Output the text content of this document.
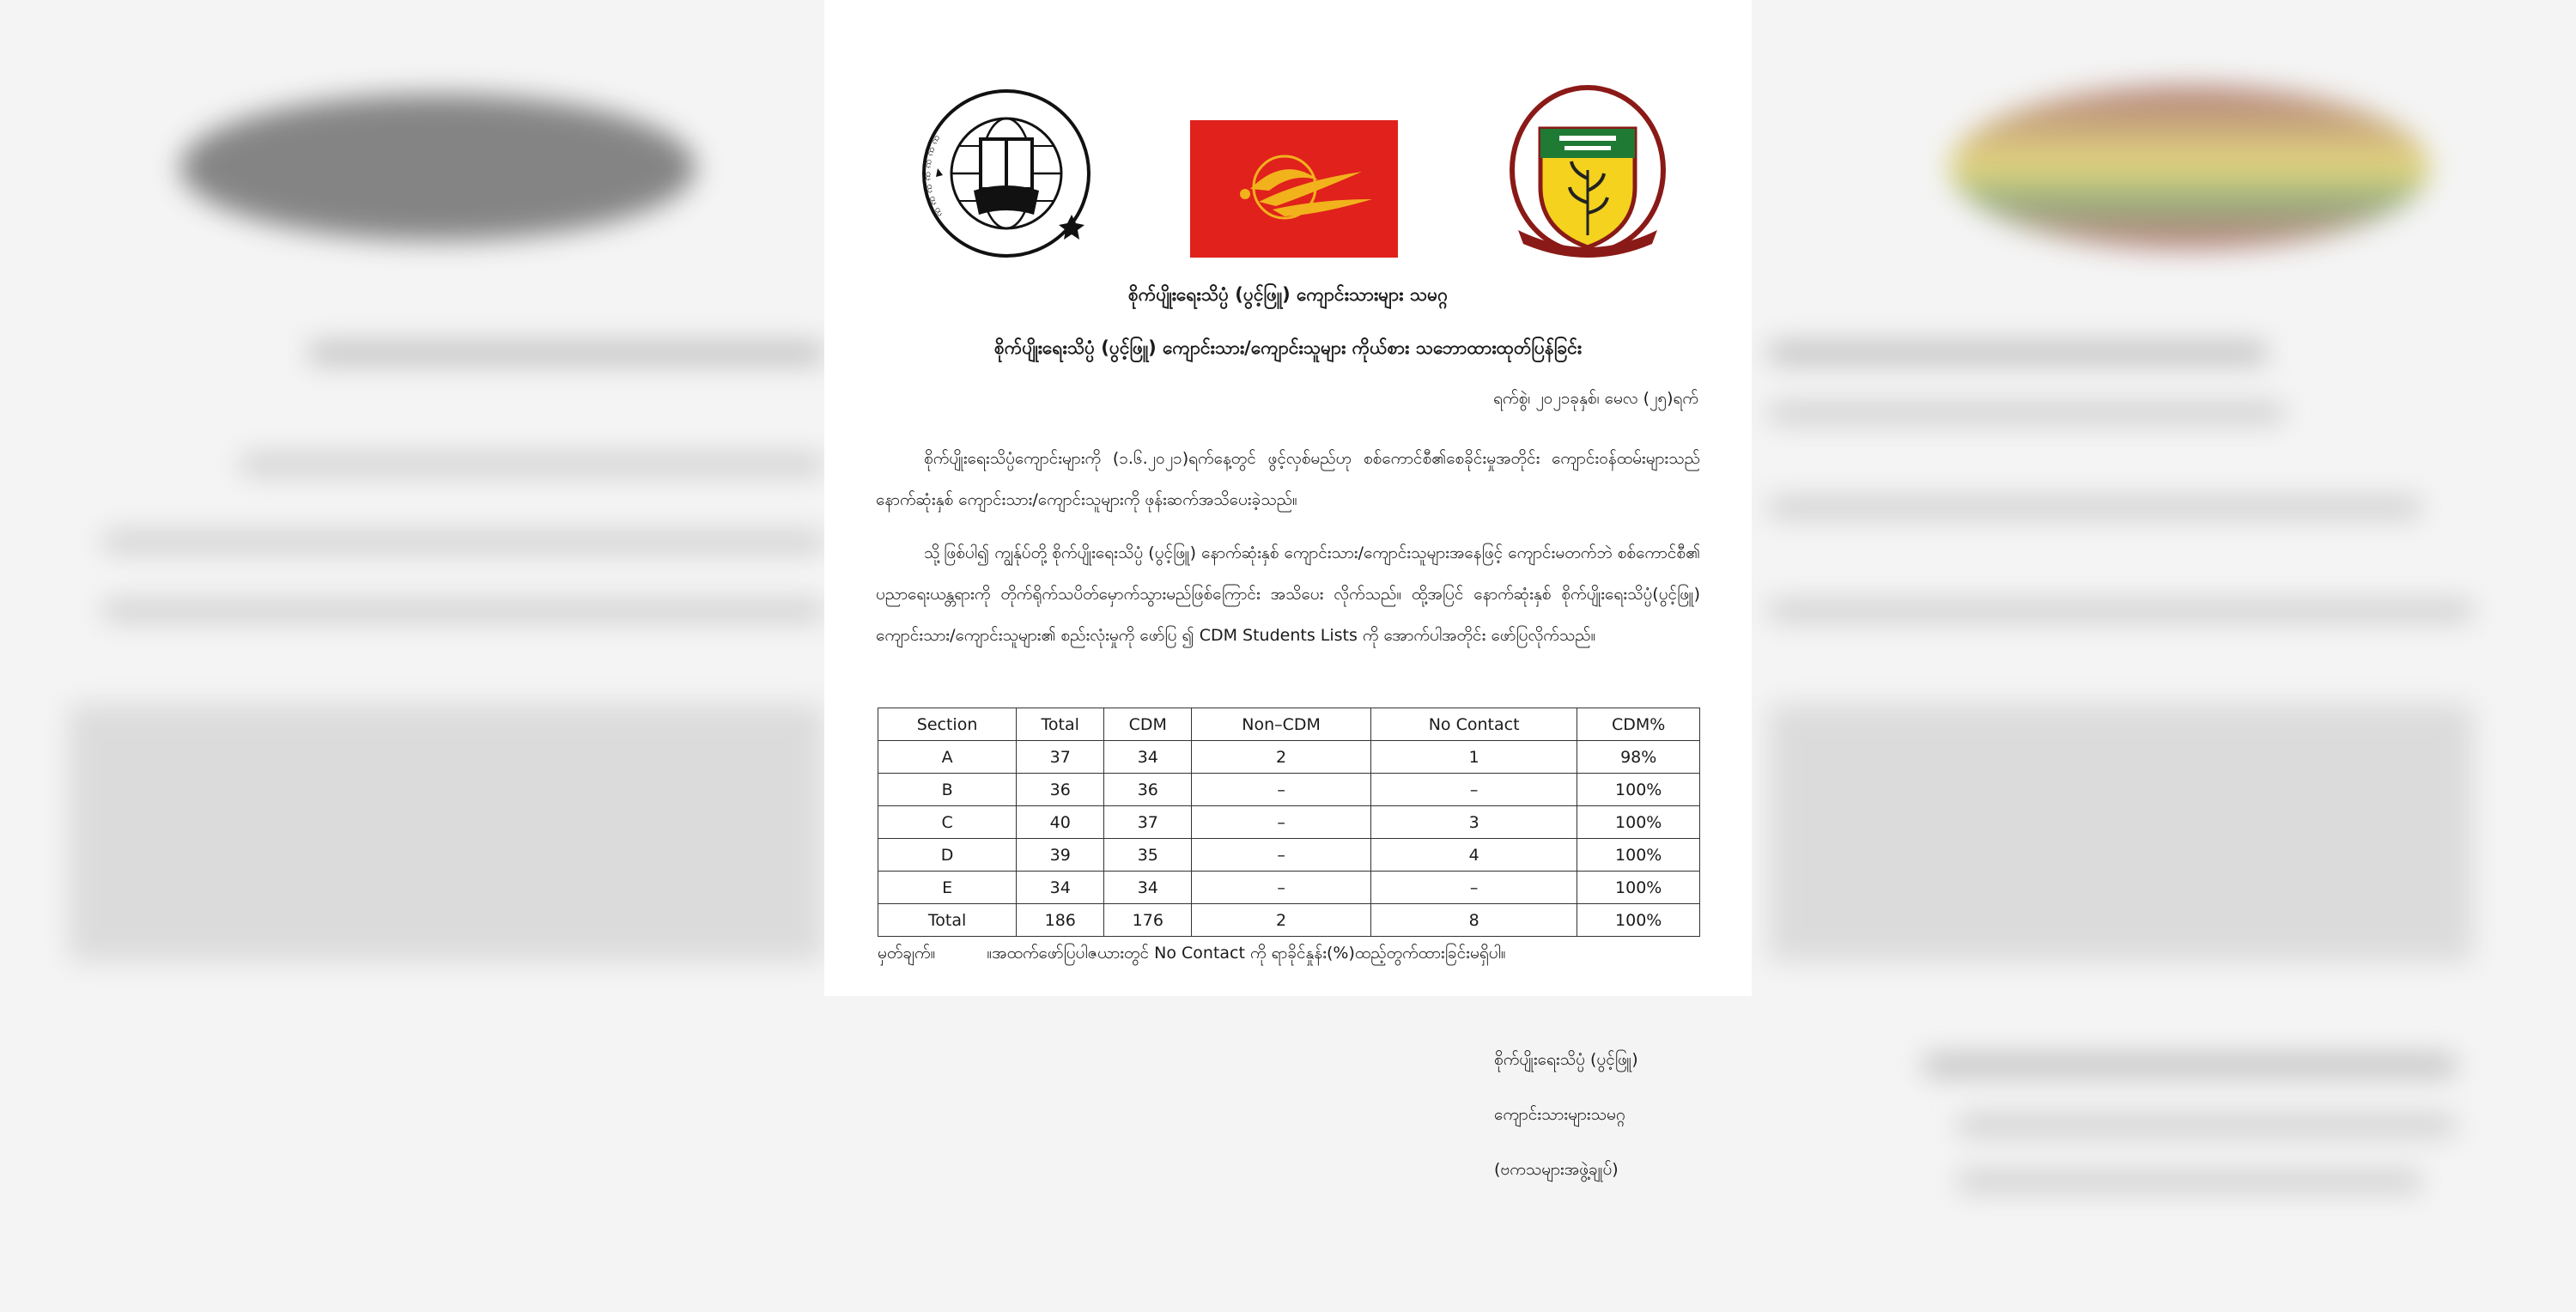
ꩡ ꩡ ꩡ ꩡ ꩡ ꩡ ꩡ
စိုက်ပျိုးရေးသိပ္ပံ (ပွင့်ဖြူ) ကျောင်းသားများ သမဂ္ဂ
စိုက်ပျိုးရေးသိပ္ပံ (ပွင့်ဖြူ) ကျောင်းသား/ကျောင်းသူများ ကိုယ်စား သဘောထားထုတ်ပြန်ခြင်း
ရက်စွဲ၊ ၂၀၂၁ခုနှစ်၊ မေလ (၂၅)ရက်
စိုက်ပျိုးရေးသိပ္ပံကျောင်းများကို (၁.၆.၂၀၂၁)ရက်နေ့တွင် ဖွင့်လှစ်မည်ဟု စစ်ကောင်စီ၏စေခိုင်းမှုအတိုင်း ကျောင်းဝန်ထမ်းများသည် နောက်ဆုံးနှစ် ကျောင်းသား/ကျောင်းသူများကို ဖုန်းဆက်အသိပေးခဲ့သည်။
သို့ဖြစ်ပါ၍ ကျွန်ုပ်တို့ စိုက်ပျိုးရေးသိပ္ပံ (ပွင့်ဖြူ) နောက်ဆုံးနှစ် ကျောင်းသား/ကျောင်းသူများအနေဖြင့် ကျောင်းမတက်ဘဲ စစ်ကောင်စီ၏ ပညာရေးယန္တရားကို တိုက်ရိုက်သပိတ်မှောက်သွားမည်ဖြစ်ကြောင်း အသိပေး လိုက်သည်။ ထို့အပြင် နောက်ဆုံးနှစ် စိုက်ပျိုးရေးသိပ္ပံ(ပွင့်ဖြူ) ကျောင်းသား/ကျောင်းသူများ၏ စည်းလုံးမှုကို ဖော်ပြ ၍ CDM Students Lists ကို အောက်ပါအတိုင်း ဖော်ပြလိုက်သည်။
Section	Total	CDM	Non–CDM	No Contact	CDM%
A	37	34	2	1	98%
B	36	36	–	–	100%
C	40	37	–	3	100%
D	39	35	–	4	100%
E	34	34	–	–	100%
Total	186	176	2	8	100%
မှတ်ချက်။	။အထက်ဖော်ပြပါဇယားတွင် No Contact ကို ရာခိုင်နှုန်း(%)ထည့်တွက်ထားခြင်းမရှိပါ။
စိုက်ပျိုးရေးသိပ္ပံ (ပွင့်ဖြူ)
ကျောင်းသားများသမဂ္ဂ
(ဗကသများအဖွဲ့ချုပ်)
